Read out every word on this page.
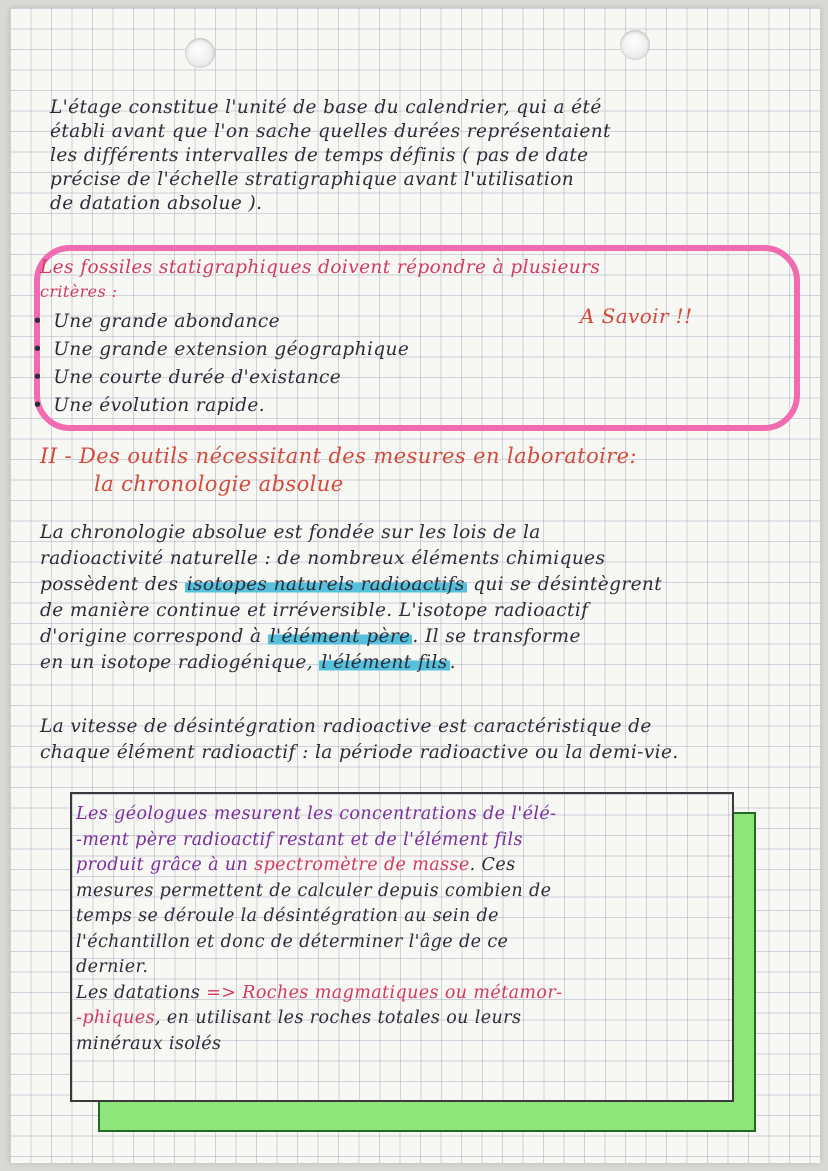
L'étage constitue l'unité de base du calendrier, qui a été
établi avant que l'on sache quelles durées représentaient
les différents intervalles de temps définis ( pas de date
précise de l'échelle stratigraphique avant l'utilisation
de datation absolue ).
Les fossiles statigraphiques doivent répondre à plusieurs
critères :
A Savoir !!
• Une grande abondance
• Une grande extension géographique
• Une courte durée d'existance
• Une évolution rapide.
II - Des outils nécessitant des mesures en laboratoire:
la chronologie absolue
La chronologie absolue est fondée sur les lois de la
radioactivité naturelle : de nombreux éléments chimiques
possèdent des isotopes naturels radioactifs qui se désintègrent
de manière continue et irréversible. L'isotope radioactif
d'origine correspond à l'élément père . Il se transforme
en un isotope radiogénique, l'élément fils .
La vitesse de désintégration radioactive est caractéristique de
chaque élément radioactif : la période radioactive ou la demi-vie.
Les géologues mesurent les concentrations de l'élé-
-ment père radioactif restant et de l'élément fils
produit grâce à un spectromètre de masse. Ces
mesures permettent de calculer depuis combien de
temps se déroule la désintégration au sein de
l'échantillon et donc de déterminer l'âge de ce
dernier.
Les datations => Roches magmatiques ou métamor-
-phiques, en utilisant les roches totales ou leurs
minéraux isolés
